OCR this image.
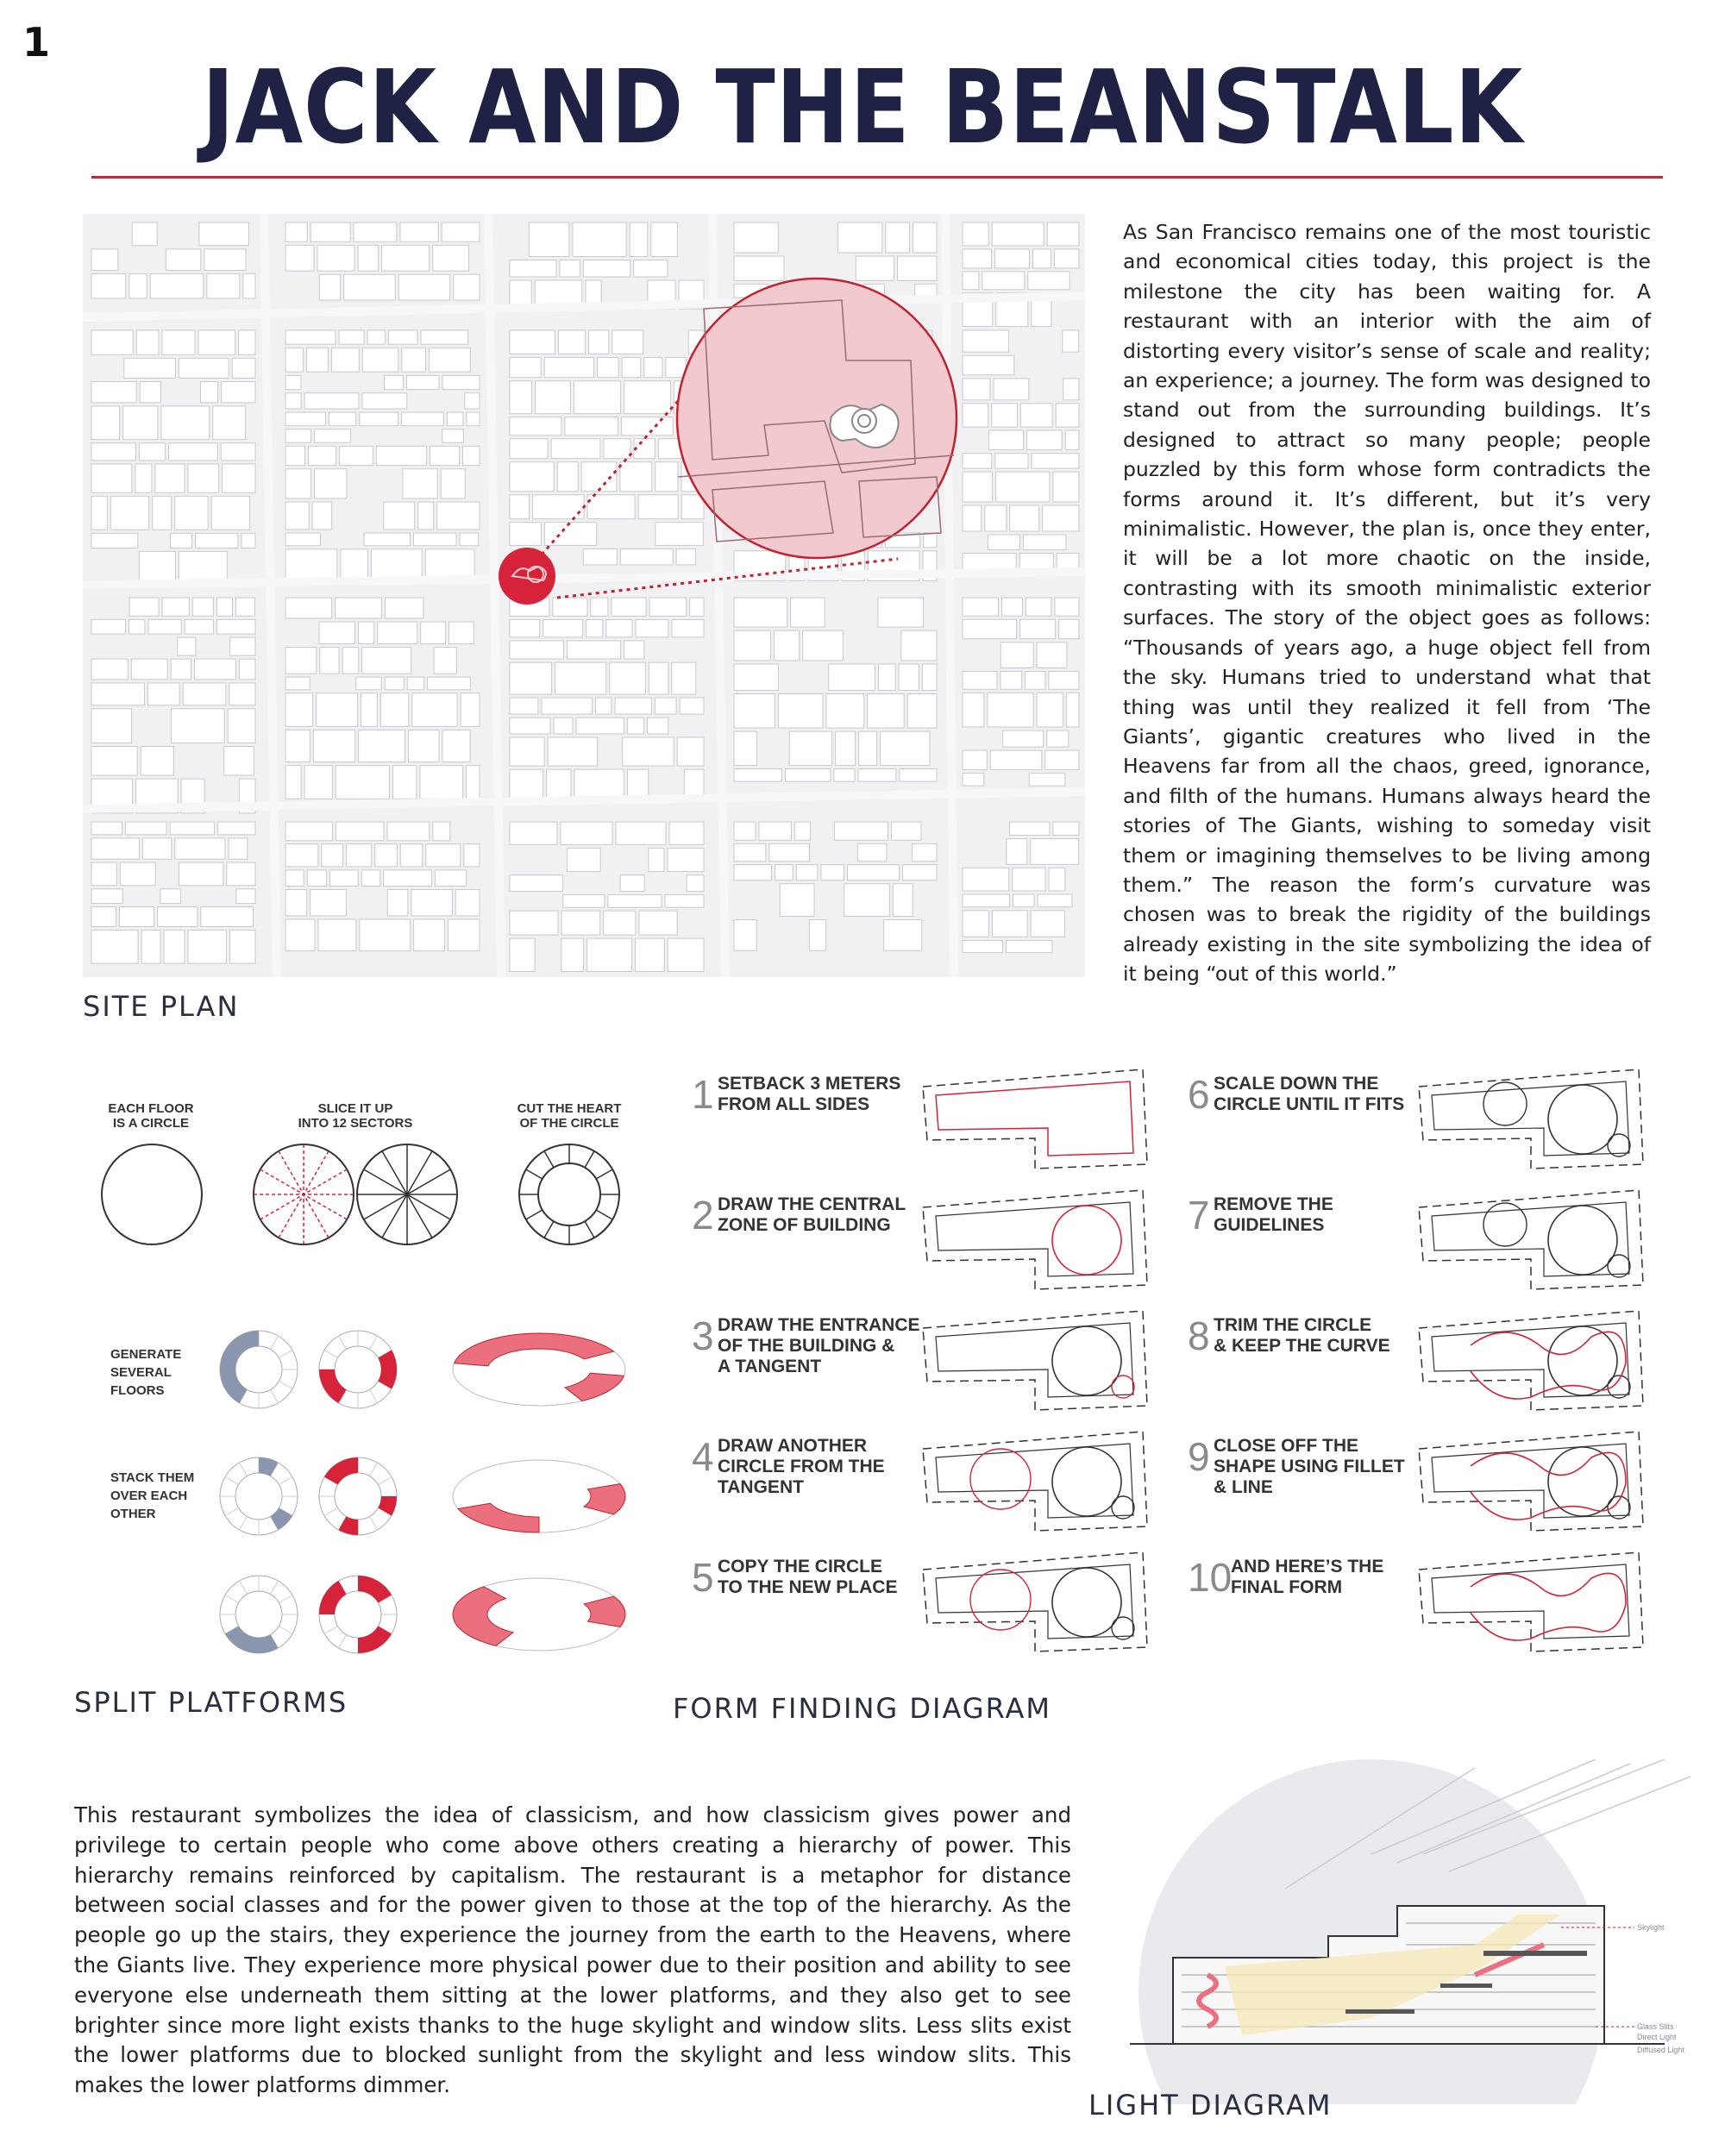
1
JACK AND THE BEANSTALK
As San Francisco remains one of the most touristic and economical cities today, this project is the milestone the city has been waiting for. A restaurant with an interior with the aim of distorting every visitor’s sense of scale and reality; an experience; a journey. The form was designed to stand out from the surrounding buildings. It’s designed to attract so many people; people puzzled by this form whose form contradicts the forms around it. It’s different, but it’s very minimalistic. However, the plan is, once they enter, it will be a lot more chaotic on the inside, contrasting with its smooth minimalistic exterior surfaces. The story of the object goes as follows: “Thousands of years ago, a huge object fell from the sky. Humans tried to understand what that thing was until they realized it fell from ‘The Giants’, gigantic creatures who lived in the Heavens far from all the chaos, greed, ignorance, and filth of the humans. Humans always heard the stories of The Giants, wishing to someday visit them or imagining themselves to be living among them.” The reason the form’s curvature was chosen was to break the rigidity of the buildings already existing in the site symbolizing the idea of it being “out of this world.”
SITE PLAN
EACH FLOOR
IS A CIRCLE
SLICE IT UP
INTO 12 SECTORS
CUT THE HEART
OF THE CIRCLE
GENERATE
SEVERAL
FLOORS
STACK THEM
OVER EACH
OTHER
SPLIT PLATFORMS
1 SETBACK 3 METERS
FROM ALL SIDES
2 DRAW THE CENTRAL
ZONE OF BUILDING
3 DRAW THE ENTRANCE
OF THE BUILDING &
A TANGENT
4 DRAW ANOTHER
CIRCLE FROM THE
TANGENT
5 COPY THE CIRCLE
TO THE NEW PLACE
6 SCALE DOWN THE
CIRCLE UNTIL IT FITS
7 REMOVE THE
GUIDELINES
8 TRIM THE CIRCLE
& KEEP THE CURVE
9 CLOSE OFF THE
SHAPE USING FILLET
& LINE
10
AND HERE’S THE
FINAL FORM
FORM FINDING DIAGRAM
This restaurant symbolizes the idea of classicism, and how classicism gives power and privilege to certain people who come above others creating a hierarchy of power. This hierarchy remains reinforced by capitalism. The restaurant is a metaphor for distance between social classes and for the power given to those at the top of the hierarchy. As the people go up the stairs, they experience the journey from the earth to the Heavens, where the Giants live. They experience more physical power due to their position and ability to see everyone else underneath them sitting at the lower platforms, and they also get to see brighter since more light exists thanks to the huge skylight and window slits. Less slits exist the lower platforms due to blocked sunlight from the skylight and less window slits. This makes the lower platforms dimmer.
Skylight
Glass Slits
Direct Light
Diffused Light
LIGHT DIAGRAM
